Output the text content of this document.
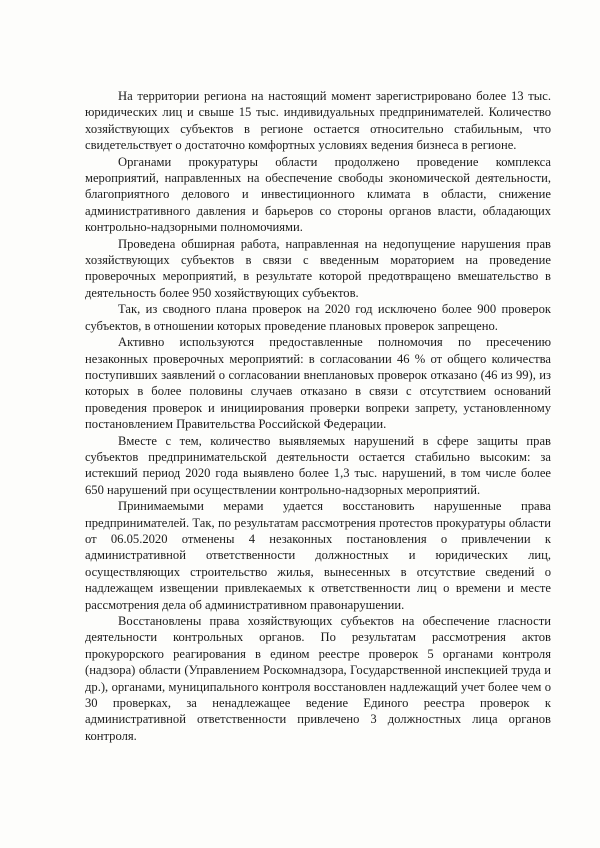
На территории региона на настоящий момент зарегистрировано более 13 тыс. юридических лиц и свыше 15 тыс. индивидуальных предпринимателей. Количество хозяйствующих субъектов в регионе остается относительно стабильным, что свидетельствует о достаточно комфортных условиях ведения бизнеса в регионе.

Органами прокуратуры области продолжено проведение комплекса мероприятий, направленных на обеспечение свободы экономической деятельности, благоприятного делового и инвестиционного климата в области, снижение административного давления и барьеров со стороны органов власти, обладающих контрольно-надзорными полномочиями.

Проведена обширная работа, направленная на недопущение нарушения прав хозяйствующих субъектов в связи с введенным мораторием на проведение проверочных мероприятий, в результате которой предотвращено вмешательство в деятельность более 950 хозяйствующих субъектов.

Так, из сводного плана проверок на 2020 год исключено более 900 проверок субъектов, в отношении которых проведение плановых проверок запрещено.

Активно используются предоставленные полномочия по пресечению незаконных проверочных мероприятий: в согласовании 46 % от общего количества поступивших заявлений о согласовании внеплановых проверок отказано (46 из 99), из которых в более половины случаев отказано в связи с отсутствием оснований проведения проверок и инициирования проверки вопреки запрету, установленному постановлением Правительства Российской Федерации.

Вместе с тем, количество выявляемых нарушений в сфере защиты прав субъектов предпринимательской деятельности остается стабильно высоким: за истекший период 2020 года выявлено более 1,3 тыс. нарушений, в том числе более 650 нарушений при осуществлении контрольно-надзорных мероприятий.

Принимаемыми мерами удается восстановить нарушенные права предпринимателей. Так, по результатам рассмотрения протестов прокуратуры области от 06.05.2020 отменены 4 незаконных постановления о привлечении к административной ответственности должностных и юридических лиц, осуществляющих строительство жилья, вынесенных в отсутствие сведений о надлежащем извещении привлекаемых к ответственности лиц о времени и месте рассмотрения дела об административном правонарушении.

Восстановлены права хозяйствующих субъектов на обеспечение гласности деятельности контрольных органов. По результатам рассмотрения актов прокурорского реагирования в едином реестре проверок 5 органами контроля (надзора) области (Управлением Роскомнадзора, Государственной инспекцией труда и др.), органами, муниципального контроля восстановлен надлежащий учет более чем о 30 проверках, за ненадлежащее ведение Единого реестра проверок к административной ответственности привлечено 3 должностных лица органов контроля.
